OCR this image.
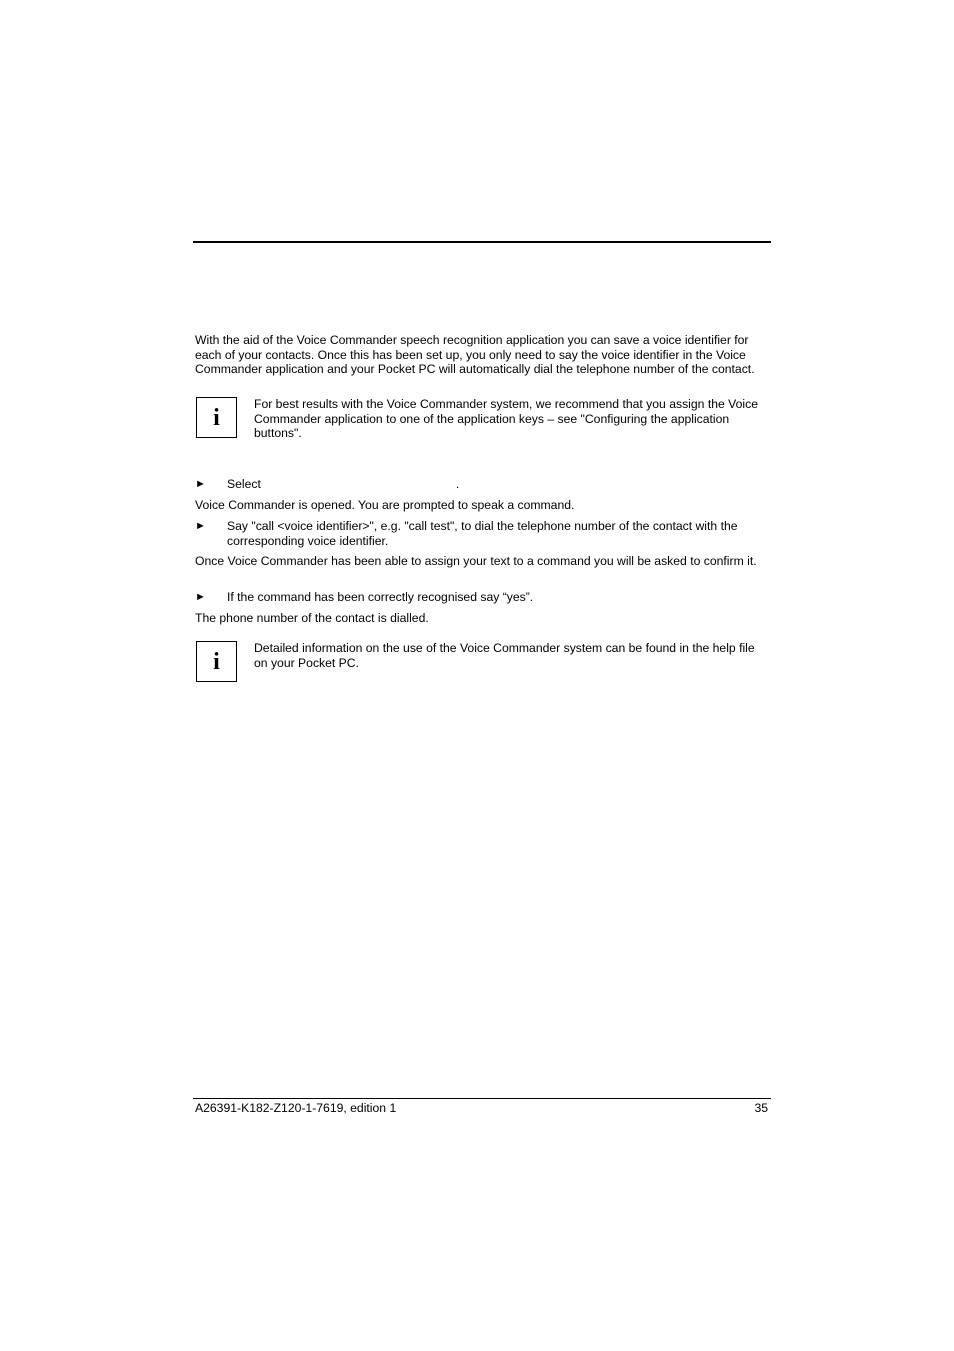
With the aid of the Voice Commander speech recognition application you can save a voice identifier for each of your contacts. Once this has been set up, you only need to say the voice identifier in the Voice Commander application and your Pocket PC will automatically dial the telephone number of the contact.

i

For best results with the Voice Commander system, we recommend that you assign the Voice Commander application to one of the application keys – see "Configuring the application buttons".

► Select	.

Voice Commander is opened. You are prompted to speak a command.

► Say "call <voice identifier>", e.g. "call test", to dial the telephone number of the contact with the corresponding voice identifier.

Once Voice Commander has been able to assign your text to a command you will be asked to confirm it.

► If the command has been correctly recognised say “yes”.

The phone number of the contact is dialled.

i

Detailed information on the use of the Voice Commander system can be found in the help file on your Pocket PC.

A26391-K182-Z120-1-7619, edition 1	35
